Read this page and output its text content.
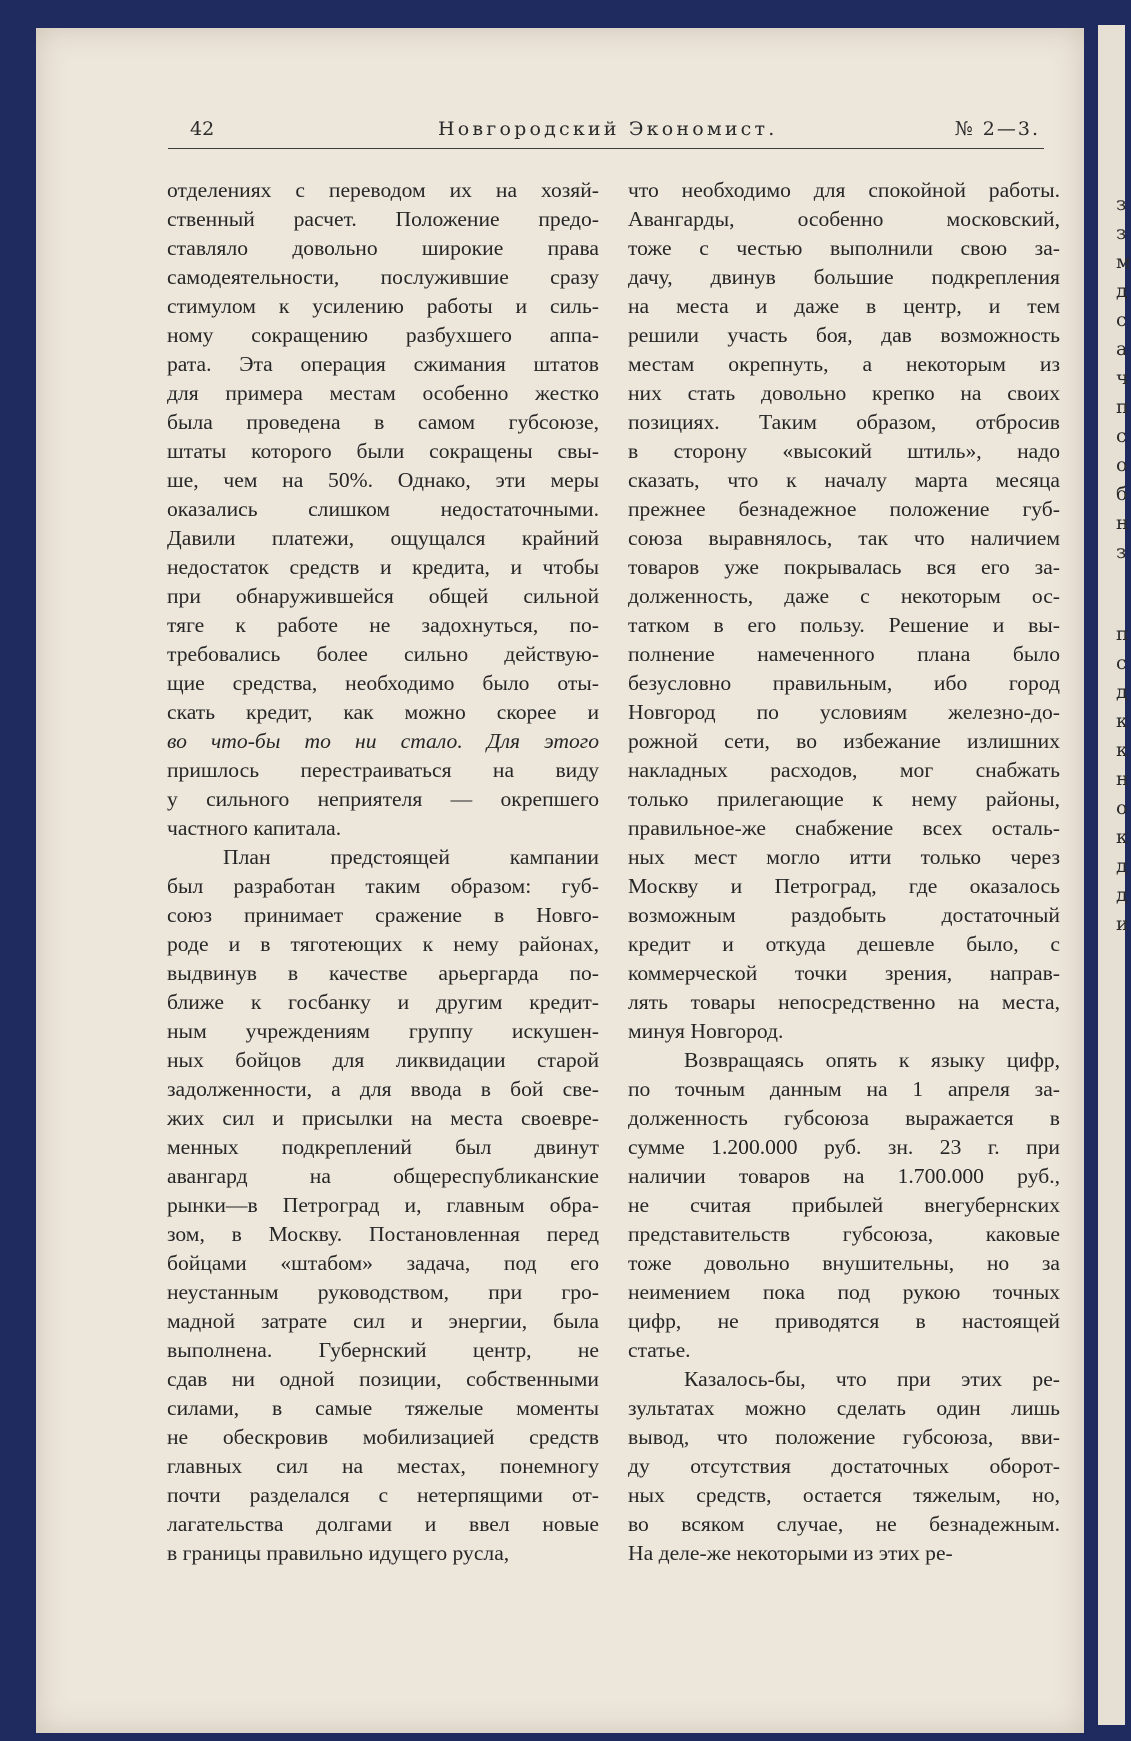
з
з
м
д
с
а
ч
п
с
о
б
н
з
п
с
д
к
к
н
о
к
д
д
и
42	Новгородский Экономист.	№ 2—3.
отделениях с переводом их на хозяй-
ственный расчет. Положение предо-
ставляло довольно широкие права
самодеятельности, послужившие сразу
стимулом к усилению работы и силь-
ному сокращению разбухшего аппа-
рата. Эта операция сжимания штатов
для примера местам особенно жестко
была проведена в самом губсоюзе,
штаты которого были сокращены свы-
ше, чем на 50%. Однако, эти меры
оказались слишком недостаточными.
Давили платежи, ощущался крайний
недостаток средств и кредита, и чтобы
при обнаружившейся общей сильной
тяге к работе не задохнуться, по-
требовались более сильно действую-
щие средства, необходимо было оты-
скать кредит, как можно скорее и
во что-бы то ни стало. Для этого
пришлось перестраиваться на виду
у сильного неприятеля — окрепшего
частного капитала.
План предстоящей кампании
был разработан таким образом: губ-
союз принимает сражение в Новго-
роде и в тяготеющих к нему районах,
выдвинув в качестве арьергарда по-
ближе к госбанку и другим кредит-
ным учреждениям группу искушен-
ных бойцов для ликвидации старой
задолженности, а для ввода в бой све-
жих сил и присылки на места своевре-
менных подкреплений был двинут
авангард на общереспубликанские
рынки—в Петроград и, главным обра-
зом, в Москву. Постановленная перед
бойцами «штабом» задача, под его
неустанным руководством, при гро-
мадной затрате сил и энергии, была
выполнена. Губернский центр, не
сдав ни одной позиции, собственными
силами, в самые тяжелые моменты
не обескровив мобилизацией средств
главных сил на местах, понемногу
почти разделался с нетерпящими от-
лагательства долгами и ввел новые
в границы правильно идущего русла,
что необходимо для спокойной работы.
Авангарды, особенно московский,
тоже с честью выполнили свою за-
дачу, двинув большие подкрепления
на места и даже в центр, и тем
решили участь боя, дав возможность
местам окрепнуть, а некоторым из
них стать довольно крепко на своих
позициях. Таким образом, отбросив
в сторону «высокий штиль», надо
сказать, что к началу марта месяца
прежнее безнадежное положение губ-
союза выравнялось, так что наличием
товаров уже покрывалась вся его за-
долженность, даже с некоторым ос-
татком в его пользу. Решение и вы-
полнение намеченного плана было
безусловно правильным, ибо город
Новгород по условиям железно-до-
рожной сети, во избежание излишних
накладных расходов, мог снабжать
только прилегающие к нему районы,
правильное-же снабжение всех осталь-
ных мест могло итти только через
Москву и Петроград, где оказалось
возможным раздобыть достаточный
кредит и откуда дешевле было, с
коммерческой точки зрения, направ-
лять товары непосредственно на места,
минуя Новгород.
Возвращаясь опять к языку цифр,
по точным данным на 1 апреля за-
долженность губсоюза выражается в
сумме 1.200.000 руб. зн. 23 г. при
наличии товаров на 1.700.000 руб.,
не считая прибылей внегубернских
представительств губсоюза, каковые
тоже довольно внушительны, но за
неимением пока под рукою точных
цифр, не приводятся в настоящей
статье.
Казалось-бы, что при этих ре-
зультатах можно сделать один лишь
вывод, что положение губсоюза, вви-
ду отсутствия достаточных оборот-
ных средств, остается тяжелым, но,
во всяком случае, не безнадежным.
На деле-же некоторыми из этих ре-
